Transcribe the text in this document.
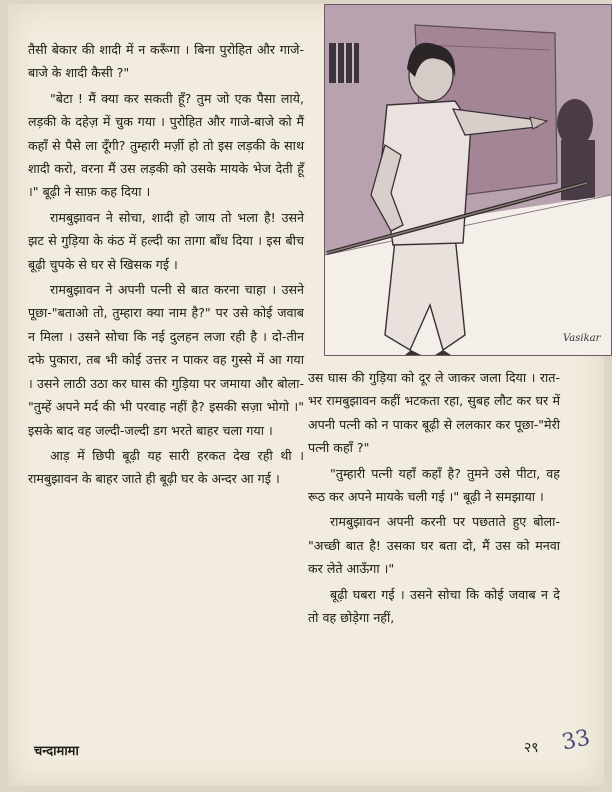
तैसी बेकार की शादी में न करूँगा । बिना पुरोहित और गाजे-बाजे के शादी कैसी ?"

"बेटा ! मैं क्या कर सकती हूँ? तुम जो एक पैसा लाये, लड़की के दहेज़ में चुक गया । पुरोहित और गाजे-बाजे को मैं कहाँ से पैसे ला दूँगी? तुम्हारी मर्ज़ी हो तो इस लड़की के साथ शादी करो, वरना मैं उस लड़की को उसके मायके भेज देती हूँ ।" बूढ़ी ने साफ़ कह दिया ।

रामबुझावन ने सोचा, शादी हो जाय तो भला है! उसने झट से गुड़िया के कंठ में हल्दी का तागा बाँध दिया । इस बीच बूढ़ी चुपके से घर से खिसक गई ।

रामबुझावन ने अपनी पत्नी से बात करना चाहा । उसने पूछा-"बताओ तो, तुम्हारा क्या नाम है?" पर उसे कोई जवाब न मिला । उसने सोचा कि नई दुलहन लजा रही है । दो-तीन दफे पुकारा, तब भी कोई उत्तर न पाकर वह गुस्से में आ गया । उसने लाठी उठा कर घास की गुड़िया पर जमाया और बोला-"तुम्हें अपने मर्द की भी परवाह नहीं है? इसकी सज़ा भोगो ।" इसके बाद वह जल्दी-जल्दी डग भरते बाहर चला गया ।

आड़ में छिपी बूढ़ी यह सारी हरकत देख रही थी । रामबुझावन के बाहर जाते ही बूढ़ी घर के अन्दर आ गई ।

उस घास की गुड़िया को दूर ले जाकर जला दिया । रात-भर रामबुझावन कहीं भटकता रहा, सुबह लौट कर घर में अपनी पत्नी को न पाकर बूढ़ी से ललकार कर पूछा-"मेरी पत्नी कहाँ ?"

"तुम्हारी पत्नी यहाँ कहाँ है? तुमने उसे पीटा, वह रूठ कर अपने मायके चली गई ।" बूढ़ी ने समझाया ।

रामबुझावन अपनी करनी पर पछताते हुए बोला-"अच्छी बात है! उसका घर बता दो, मैं उस को मनवा कर लेते आऊँगा ।"

बूढ़ी घबरा गई । उसने सोचा कि कोई जवाब न दे तो वह छोड़ेगा नहीं,

चन्दामामा	२९ 33
Vasikar
